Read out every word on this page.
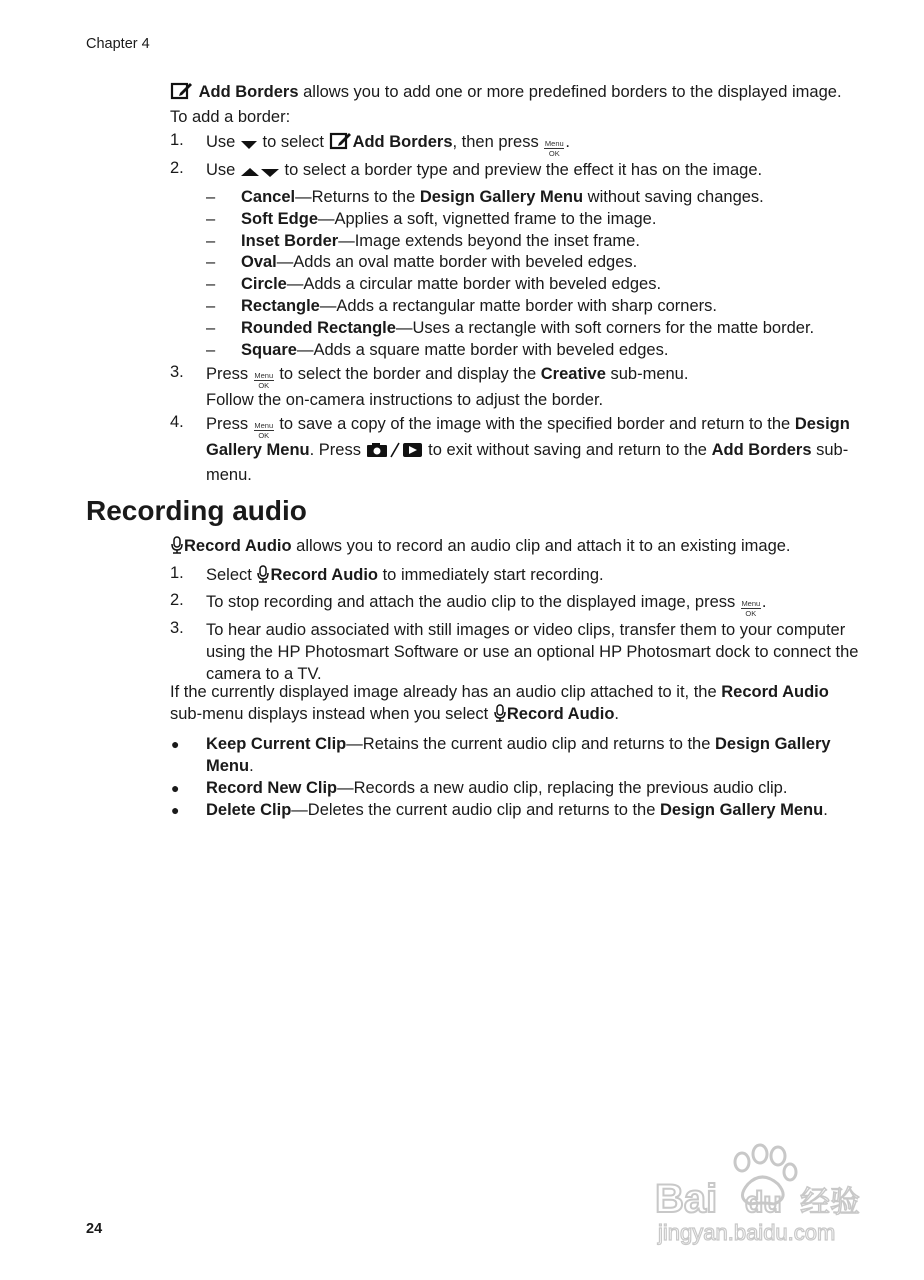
Chapter 4
Add Borders allows you to add one or more predefined borders to the displayed image. To add a border:
1. Use  to select Add Borders, then press Menu
OK
.
2. Use  to select a border type and preview the effect it has on the image.
– Cancel—Returns to the Design Gallery Menu without saving changes.
– Soft Edge—Applies a soft, vignetted frame to the image.
– Inset Border—Image extends beyond the inset frame.
– Oval—Adds an oval matte border with beveled edges.
– Circle—Adds a circular matte border with beveled edges.
– Rectangle—Adds a rectangular matte border with sharp corners.
– Rounded Rectangle—Uses a rectangle with soft corners for the matte border.
– Square—Adds a square matte border with beveled edges.
3. Press Menu
OK
to select the border and display the Creative sub-menu.
Follow the on-camera instructions to adjust the border.
4. Press Menu
OK
to save a copy of the image with the specified border and return to the Design Gallery Menu. Press	to exit without saving and return to the Add Borders sub-menu.
Recording audio
Record Audio allows you to record an audio clip and attach it to an existing image.
1. Select Record Audio to immediately start recording.
2. To stop recording and attach the audio clip to the displayed image, press Menu
OK
.
3. To hear audio associated with still images or video clips, transfer them to your computer using the HP Photosmart Software or use an optional HP Photosmart dock to connect the camera to a TV.
If the currently displayed image already has an audio clip attached to it, the Record Audio sub-menu displays instead when you select Record Audio.
● Keep Current Clip—Retains the current audio clip and returns to the Design Gallery Menu.
● Record New Clip—Records a new audio clip, replacing the previous audio clip.
● Delete Clip—Deletes the current audio clip and returns to the Design Gallery Menu.
24
Bai du 经验
jingyan.baidu.com
